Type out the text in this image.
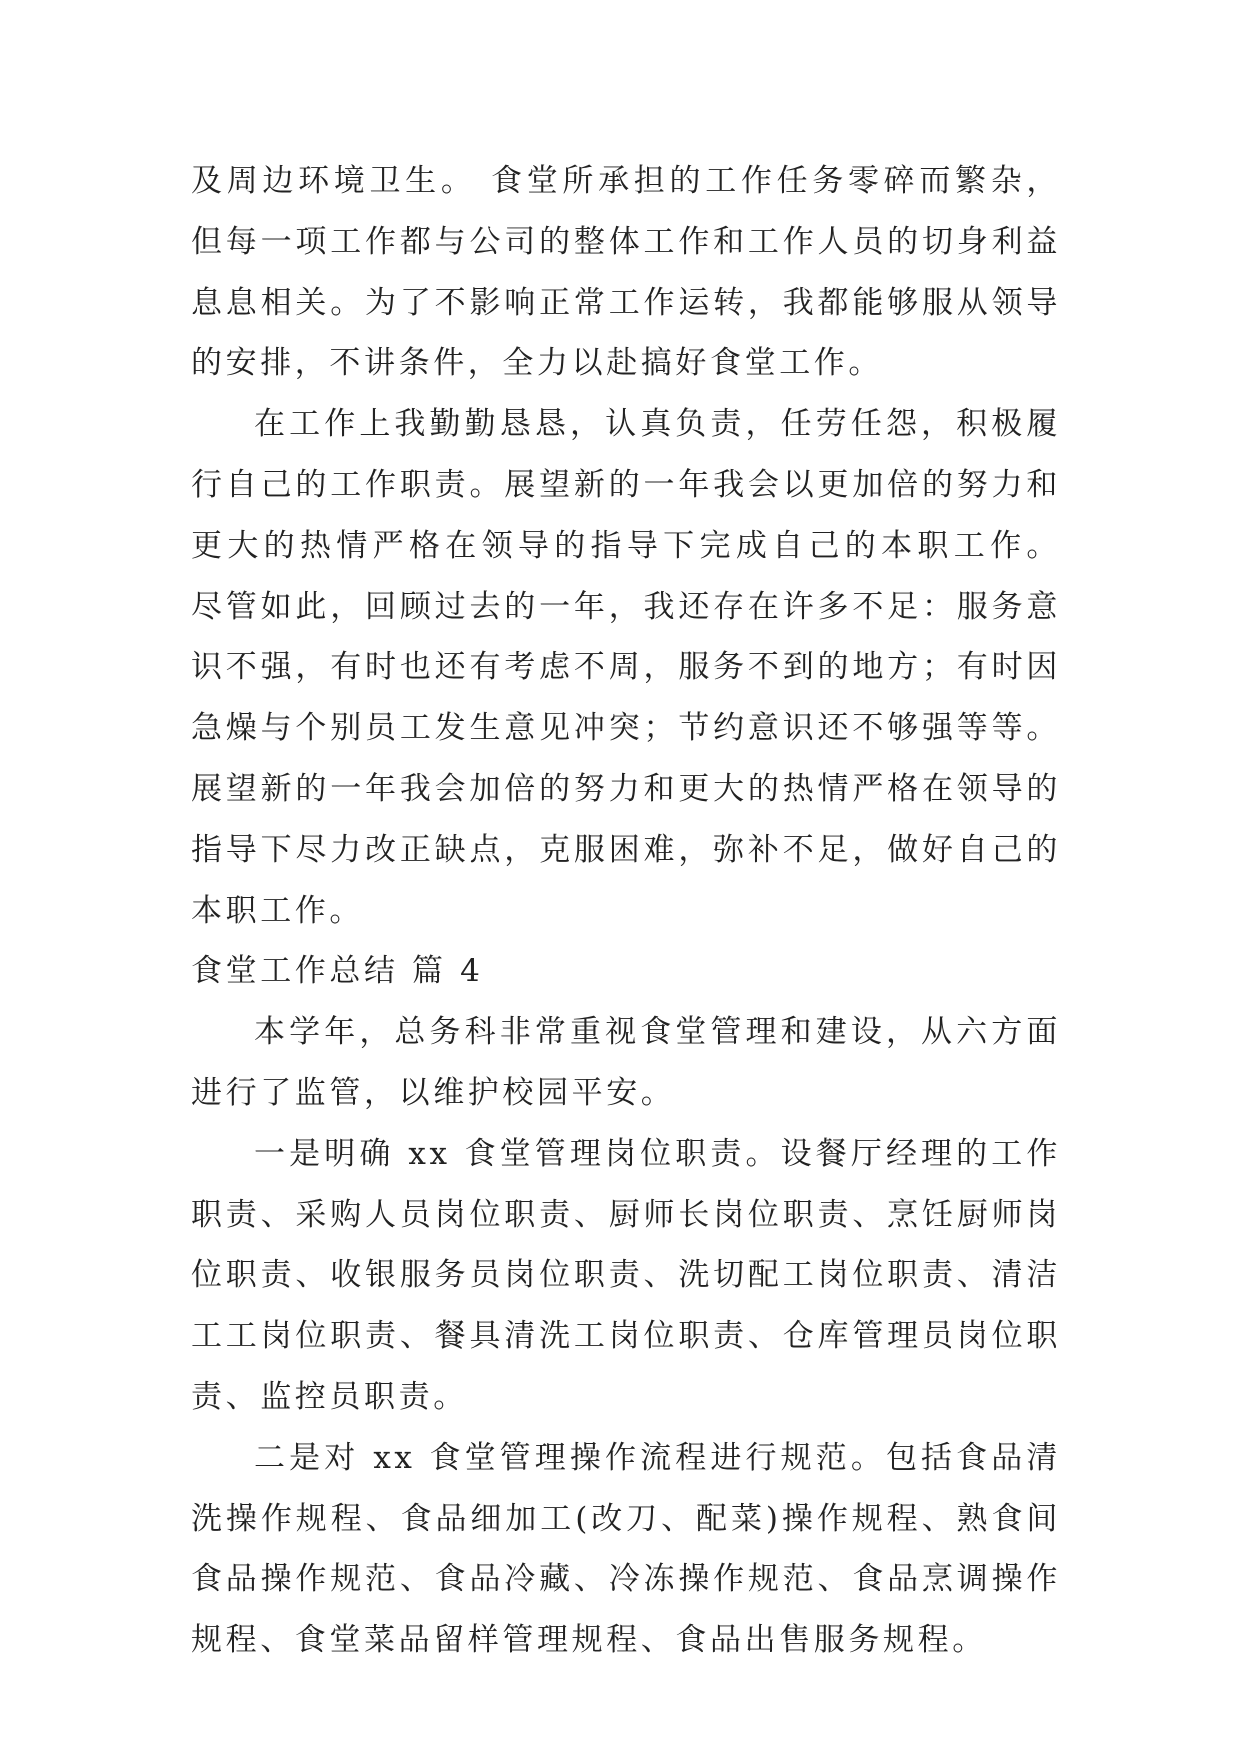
及周边环境卫生。 食堂所承担的工作任务零碎而繁杂，但每一项工作都与公司的整体工作和工作人员的切身利益息息相关。为了不影响正常工作运转，我都能够服从领导的安排，不讲条件，全力以赴搞好食堂工作。

在工作上我勤勤恳恳，认真负责，任劳任怨，积极履行自己的工作职责。展望新的一年我会以更加倍的努力和更大的热情严格在领导的指导下完成自己的本职工作。 尽管如此，回顾过去的一年，我还存在许多不足：服务意识不强，有时也还有考虑不周，服务不到的地方；有时因急燥与个别员工发生意见冲突；节约意识还不够强等等。 展望新的一年我会加倍的努力和更大的热情严格在领导的指导下尽力改正缺点，克服困难，弥补不足，做好自己的本职工作。

食堂工作总结 篇 4

本学年，总务科非常重视食堂管理和建设，从六方面进行了监管，以维护校园平安。

一是明确 xx 食堂管理岗位职责。设餐厅经理的工作职责、采购人员岗位职责、厨师长岗位职责、烹饪厨师岗位职责、收银服务员岗位职责、洗切配工岗位职责、清洁工工岗位职责、餐具清洗工岗位职责、仓库管理员岗位职责、监控员职责。

二是对 xx 食堂管理操作流程进行规范。包括食品清洗操作规程、食品细加工(改刀、配菜)操作规程、熟食间食品操作规范、食品冷藏、冷冻操作规范、食品烹调操作规程、食堂菜品留样管理规程、食品出售服务规程。
